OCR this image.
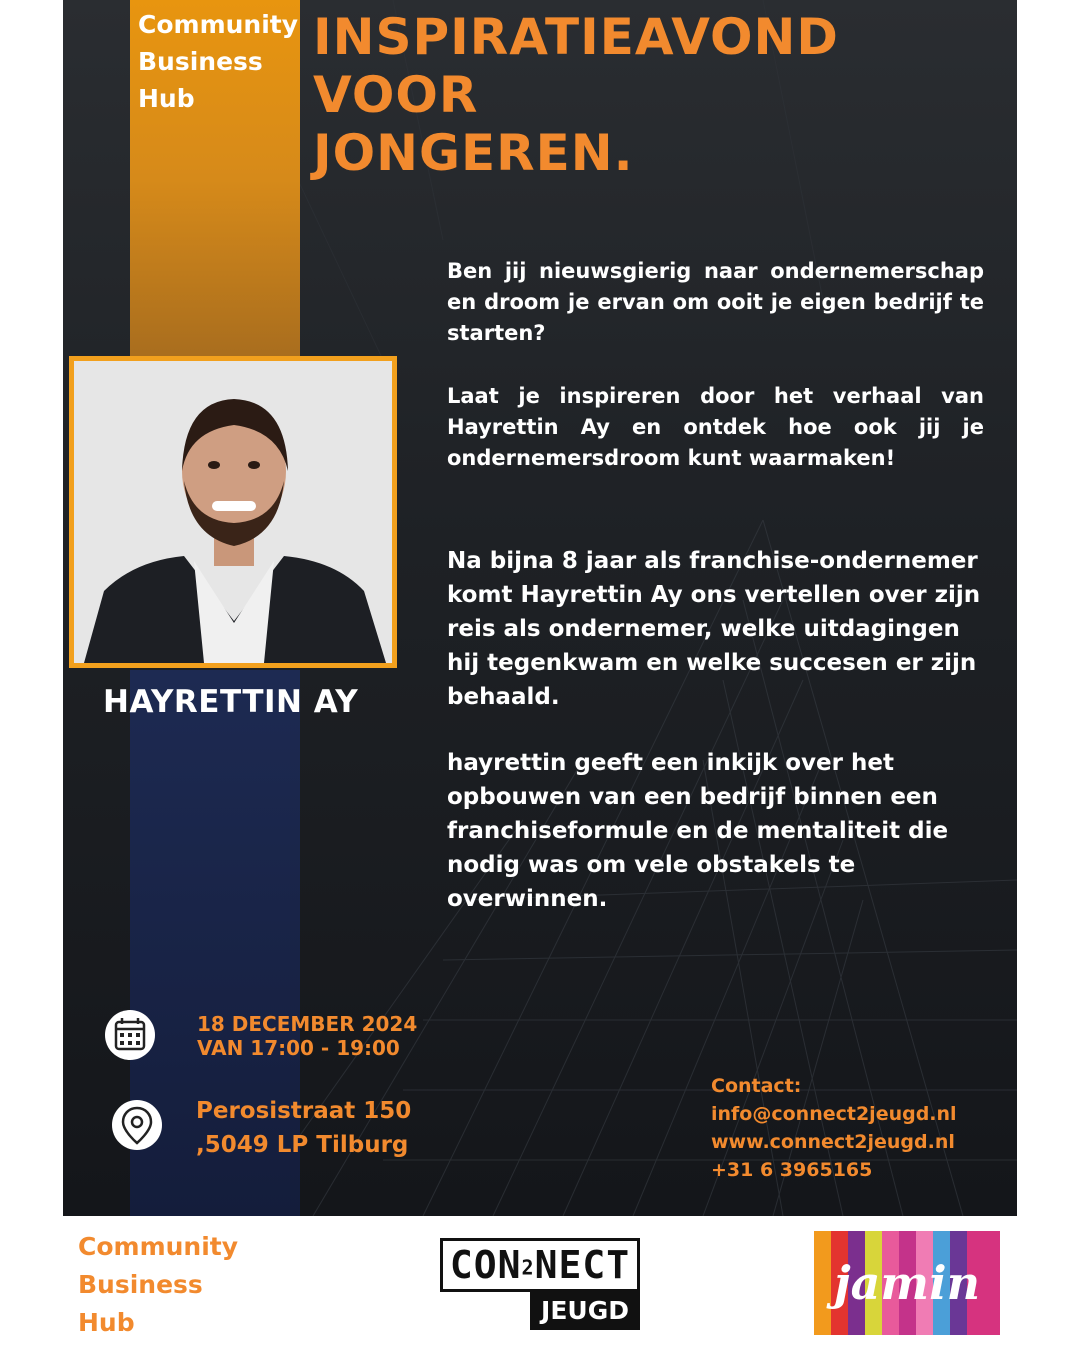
Community
Business
Hub
INSPIRATIEAVOND VOOR
JONGEREN.
HAYRETTIN AY
Ben jij nieuwsgierig naar ondernemerschap en droom je ervan om ooit je eigen bedrijf te starten?
Laat je inspireren door het verhaal van Hayrettin Ay en ontdek hoe ook jij je ondernemersdroom kunt waarmaken!
Na bijna 8 jaar als franchise-ondernemer komt Hayrettin Ay ons vertellen over zijn reis als ondernemer, welke uitdagingen hij tegenkwam en welke succesen er zijn behaald.
hayrettin geeft een inkijk over het opbouwen van een bedrijf binnen een franchiseformule en de mentaliteit die nodig was om vele obstakels te overwinnen.
18 DECEMBER 2024
VAN 17:00 - 19:00
Perosistraat 150
,5049 LP Tilburg
Contact:
info@connect2jeugd.nl
www.connect2jeugd.nl
+31 6 3965165
Community
Business
Hub
CON2NECT
JEUGD
jamin
